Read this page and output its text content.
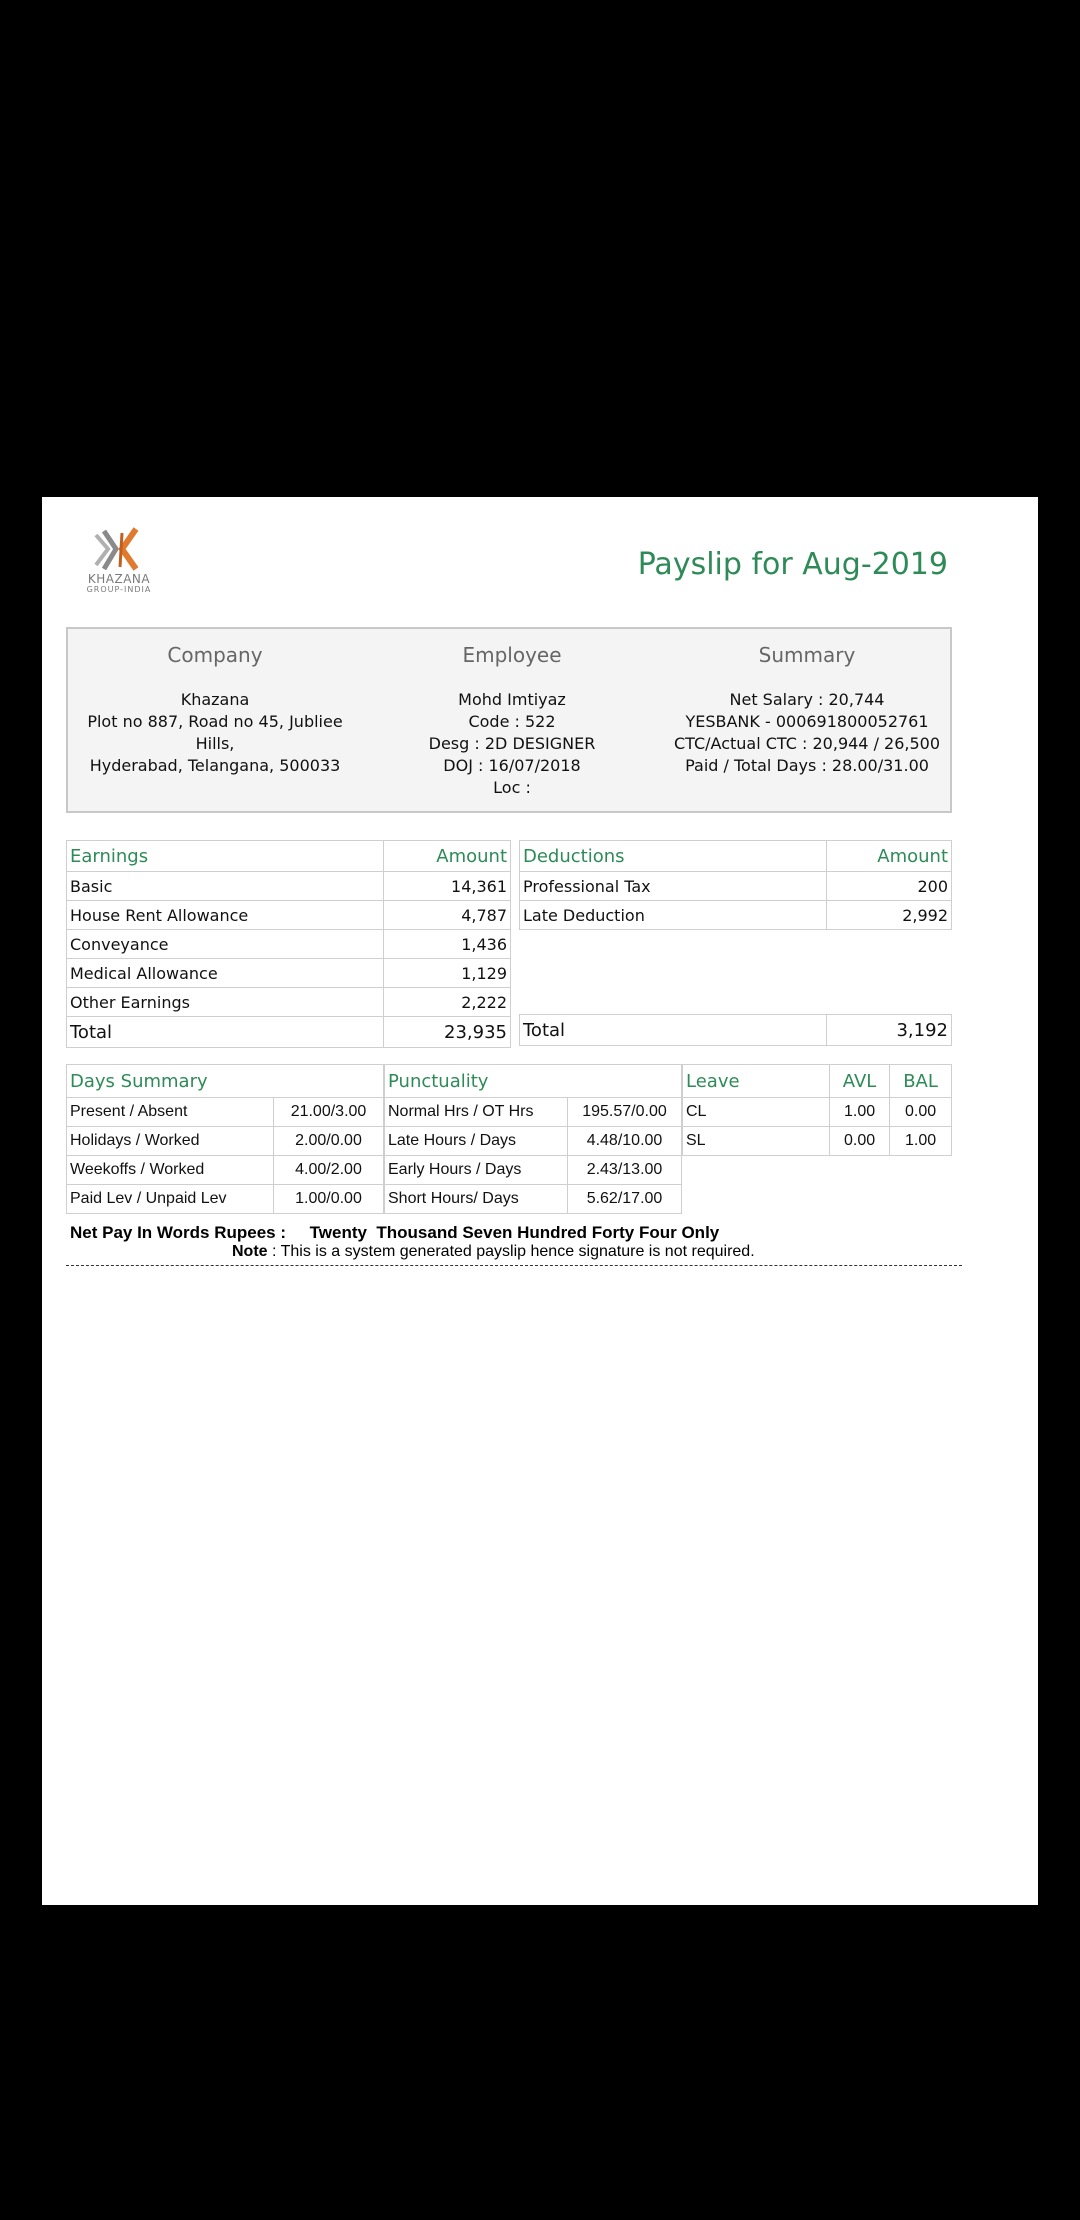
KHAZANA
GROUP-INDIA
Payslip for Aug-2019
Company
Khazana
Plot no 887, Road no 45, Jubliee Hills,
Hyderabad, Telangana, 500033
Employee
Mohd Imtiyaz
Code : 522
Desg : 2D DESIGNER
DOJ : 16/07/2018
Loc :
Summary
Net Salary : 20,744
YESBANK - 000691800052761
CTC/Actual CTC : 20,944 / 26,500
Paid / Total Days : 28.00/31.00
Earnings	Amount
Basic	14,361
House Rent Allowance	4,787
Conveyance	1,436
Medical Allowance	1,129
Other Earnings	2,222
Total	23,935
Deductions	Amount
Professional Tax	200
Late Deduction	2,992

Total	3,192
Days Summary	
Present / Absent	21.00/3.00
Holidays / Worked	2.00/0.00
Weekoffs / Worked	4.00/2.00
Paid Lev / Unpaid Lev	1.00/0.00
Punctuality	
Normal Hrs / OT Hrs	195.57/0.00
Late Hours / Days	4.48/10.00
Early Hours / Days	2.43/13.00
Short Hours/ Days	5.62/17.00
Leave	AVL	BAL
CL	1.00	0.00
SL	0.00	1.00
Net Pay In Words Rupees : Twenty  Thousand Seven Hundred Forty Four Only
Note : This is a system generated payslip hence signature is not required.
